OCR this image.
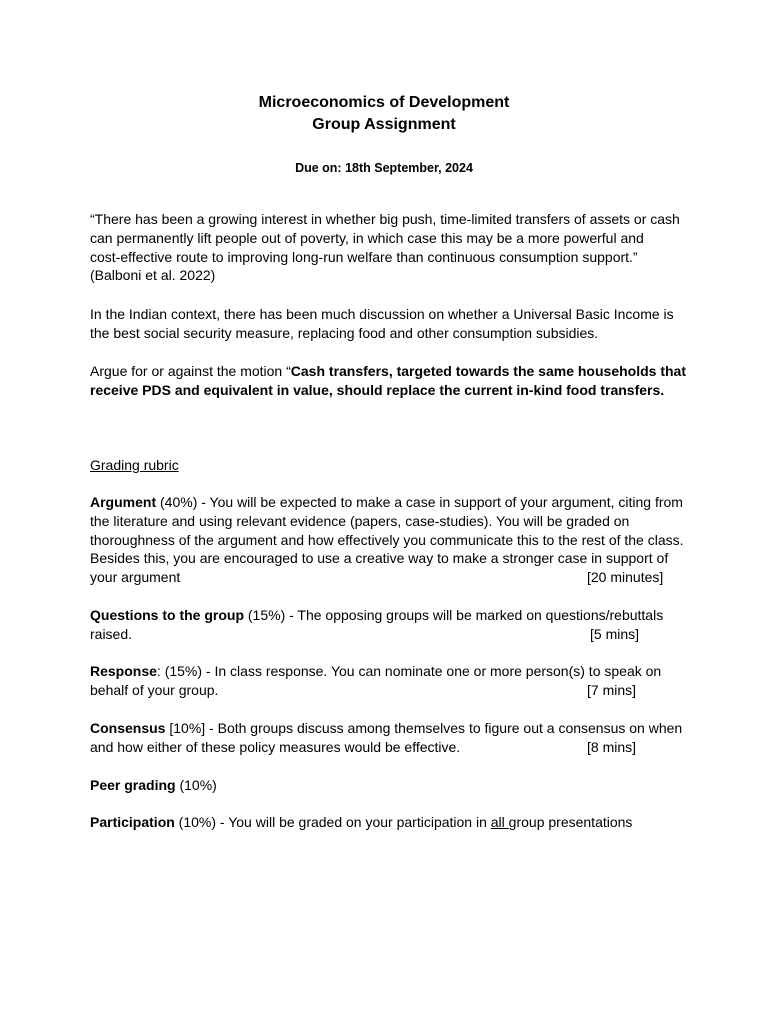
Microeconomics of Development
Group Assignment
Due on: 18th September, 2024
“There has been a growing interest in whether big push, time-limited transfers of assets or cash
can permanently lift people out of poverty, in which case this may be a more powerful and
cost-effective route to improving long-run welfare than continuous consumption support.”
(Balboni et al. 2022)
In the Indian context, there has been much discussion on whether a Universal Basic Income is
the best social security measure, replacing food and other consumption subsidies.
Argue for or against the motion “Cash transfers, targeted towards the same households that
receive PDS and equivalent in value, should replace the current in-kind food transfers.
Grading rubric
Argument (40%) - You will be expected to make a case in support of your argument, citing from
the literature and using relevant evidence (papers, case-studies). You will be graded on
thoroughness of the argument and how effectively you communicate this to the rest of the class.
Besides this, you are encouraged to use a creative way to make a stronger case in support of
your argument	[20 minutes]
Questions to the group (15%) - The opposing groups will be marked on questions/rebuttals
raised.	[5 mins]
Response: (15%) - In class response. You can nominate one or more person(s) to speak on
behalf of your group.	[7 mins]
Consensus [10%] - Both groups discuss among themselves to figure out a consensus on when
and how either of these policy measures would be effective.	[8 mins]
Peer grading (10%)
Participation (10%) - You will be graded on your participation in all group presentations
